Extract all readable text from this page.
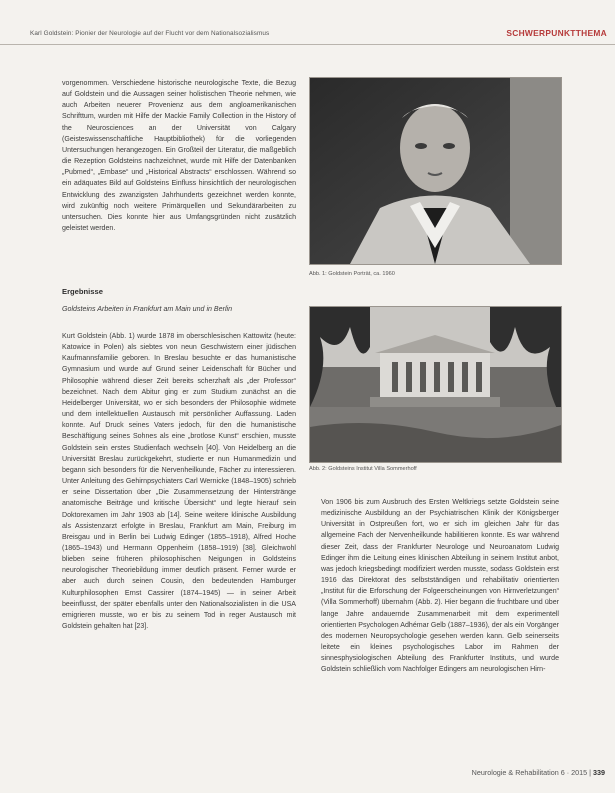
Karl Goldstein: Pionier der Neurologie auf der Flucht vor dem Nationalsozialismus	SCHWERPUNKTTHEMA

vorgenommen. Verschiedene historische neurologische Texte, die Bezug auf Goldstein und die Aussagen seiner holistischen Theorie nehmen, wie auch Arbeiten neuerer Provenienz aus dem angloamerikanischen Schrifttum, wurden mit Hilfe der Mackie Family Collection in the History of the Neurosciences an der Universität von Calgary (Geisteswissenschaftliche Hauptbibliothek) für die vorliegenden Untersuchungen herangezogen. Ein Großteil der Literatur, die maßgeblich die Rezeption Goldsteins nachzeichnet, wurde mit Hilfe der Datenbanken „Pubmed“, „Embase“ und „Historical Abstracts“ erschlossen. Während so ein adäquates Bild auf Goldsteins Einfluss hinsichtlich der neurologischen Entwicklung des zwanzigsten Jahrhunderts gezeichnet werden konnte, wird zukünftig noch weitere Primärquellen und Sekundärarbeiten zu untersuchen. Dies konnte hier aus Umfangsgründen nicht zusätzlich geleistet werden.

Ergebnisse

Goldsteins Arbeiten in Frankfurt am Main und in Berlin

Kurt Goldstein (Abb. 1) wurde 1878 im oberschlesischen Kattowitz (heute: Katowice in Polen) als siebtes von neun Geschwistern einer jüdischen Kaufmannsfamilie geboren. In Breslau besuchte er das humanistische Gymnasium und wurde auf Grund seiner Leidenschaft für Bücher und Philosophie während dieser Zeit bereits scherzhaft als „der Professor“ bezeichnet. Nach dem Abitur ging er zum Studium zunächst an die Heidelberger Universität, wo er sich besonders der Philosophie widmete und dem intellektuellen Austausch mit persönlicher Auffassung. Laden konnte. Auf Druck seines Vaters jedoch, für den die humanistische Beschäftigung seines Sohnes als eine „brotlose Kunst“ erschien, musste Goldstein sein erstes Studienfach wechseln [40]. Von Heidelberg an die Universität Breslau zurückgekehrt, studierte er nun Humanmedizin und begann sich besonders für die Nervenheilkunde, Fächer zu interessieren. Unter Anleitung des Gehirnpsychiaters Carl Wernicke (1848–1905) schrieb er seine Dissertation über „Die Zusammensetzung der Hinterstränge anatomische Beiträge und kritische Übersicht“ und legte hierauf sein Doktorexamen im Jahr 1903 ab [14]. Seine weitere klinische Ausbildung als Assistenzarzt erfolgte in Breslau, Frankfurt am Main, Freiburg im Breisgau und in Berlin bei Ludwig Edinger (1855–1918), Alfred Hoche (1865–1943) und Hermann Oppenheim (1858–1919) [38]. Gleichwohl blieben seine früheren philosophischen Neigungen in Goldsteins neurologischer Theoriebildung immer deutlich präsent. Ferner wurde er aber auch durch seinen Cousin, den bedeutenden Hamburger Kulturphilosophen Ernst Cassirer (1874–1945) — in seiner Arbeit beeinflusst, der später ebenfalls unter den Nationalsozialisten in die USA emigrieren musste, wo er bis zu seinem Tod in reger Austausch mit Goldstein gehalten hat [23].

Abb. 1: Goldstein Porträt, ca. 1960
Abb. 2: Goldsteins Institut Villa Sommerhoff

Von 1906 bis zum Ausbruch des Ersten Weltkriegs setzte Goldstein seine medizinische Ausbildung an der Psychiatrischen Klinik der Königsberger Universität in Ostpreußen fort, wo er sich im gleichen Jahr für das allgemeine Fach der Nervenheilkunde habilitieren konnte. Es war während dieser Zeit, dass der Frankfurter Neurologe und Neuroanatom Ludwig Edinger ihm die Leitung eines klinischen Abteilung in seinem Institut anbot, was jedoch kriegsbedingt modifiziert werden musste, sodass Goldstein erst 1916 das Direktorat des selbstständigen und rehabilitativ orientierten „Institut für die Erforschung der Folgeerscheinungen von Hirnverletzungen“ (Villa Sommerhoff) übernahm (Abb. 2). Hier begann die fruchtbare und über lange Jahre andauernde Zusammenarbeit mit dem experimentell orientierten Psychologen Adhémar Gelb (1887–1936), der als ein Vorgänger des modernen Neuropsychologie gesehen werden kann. Gelb seinerseits leitete ein kleines psychologisches Labor im Rahmen der sinnesphysiologischen Abteilung des Frankfurter Instituts, und wurde Goldstein schließlich vom Nachfolger Edingers am neurologischen Hirn-

Neurologie & Rehabilitation 6 · 2015 | 339
